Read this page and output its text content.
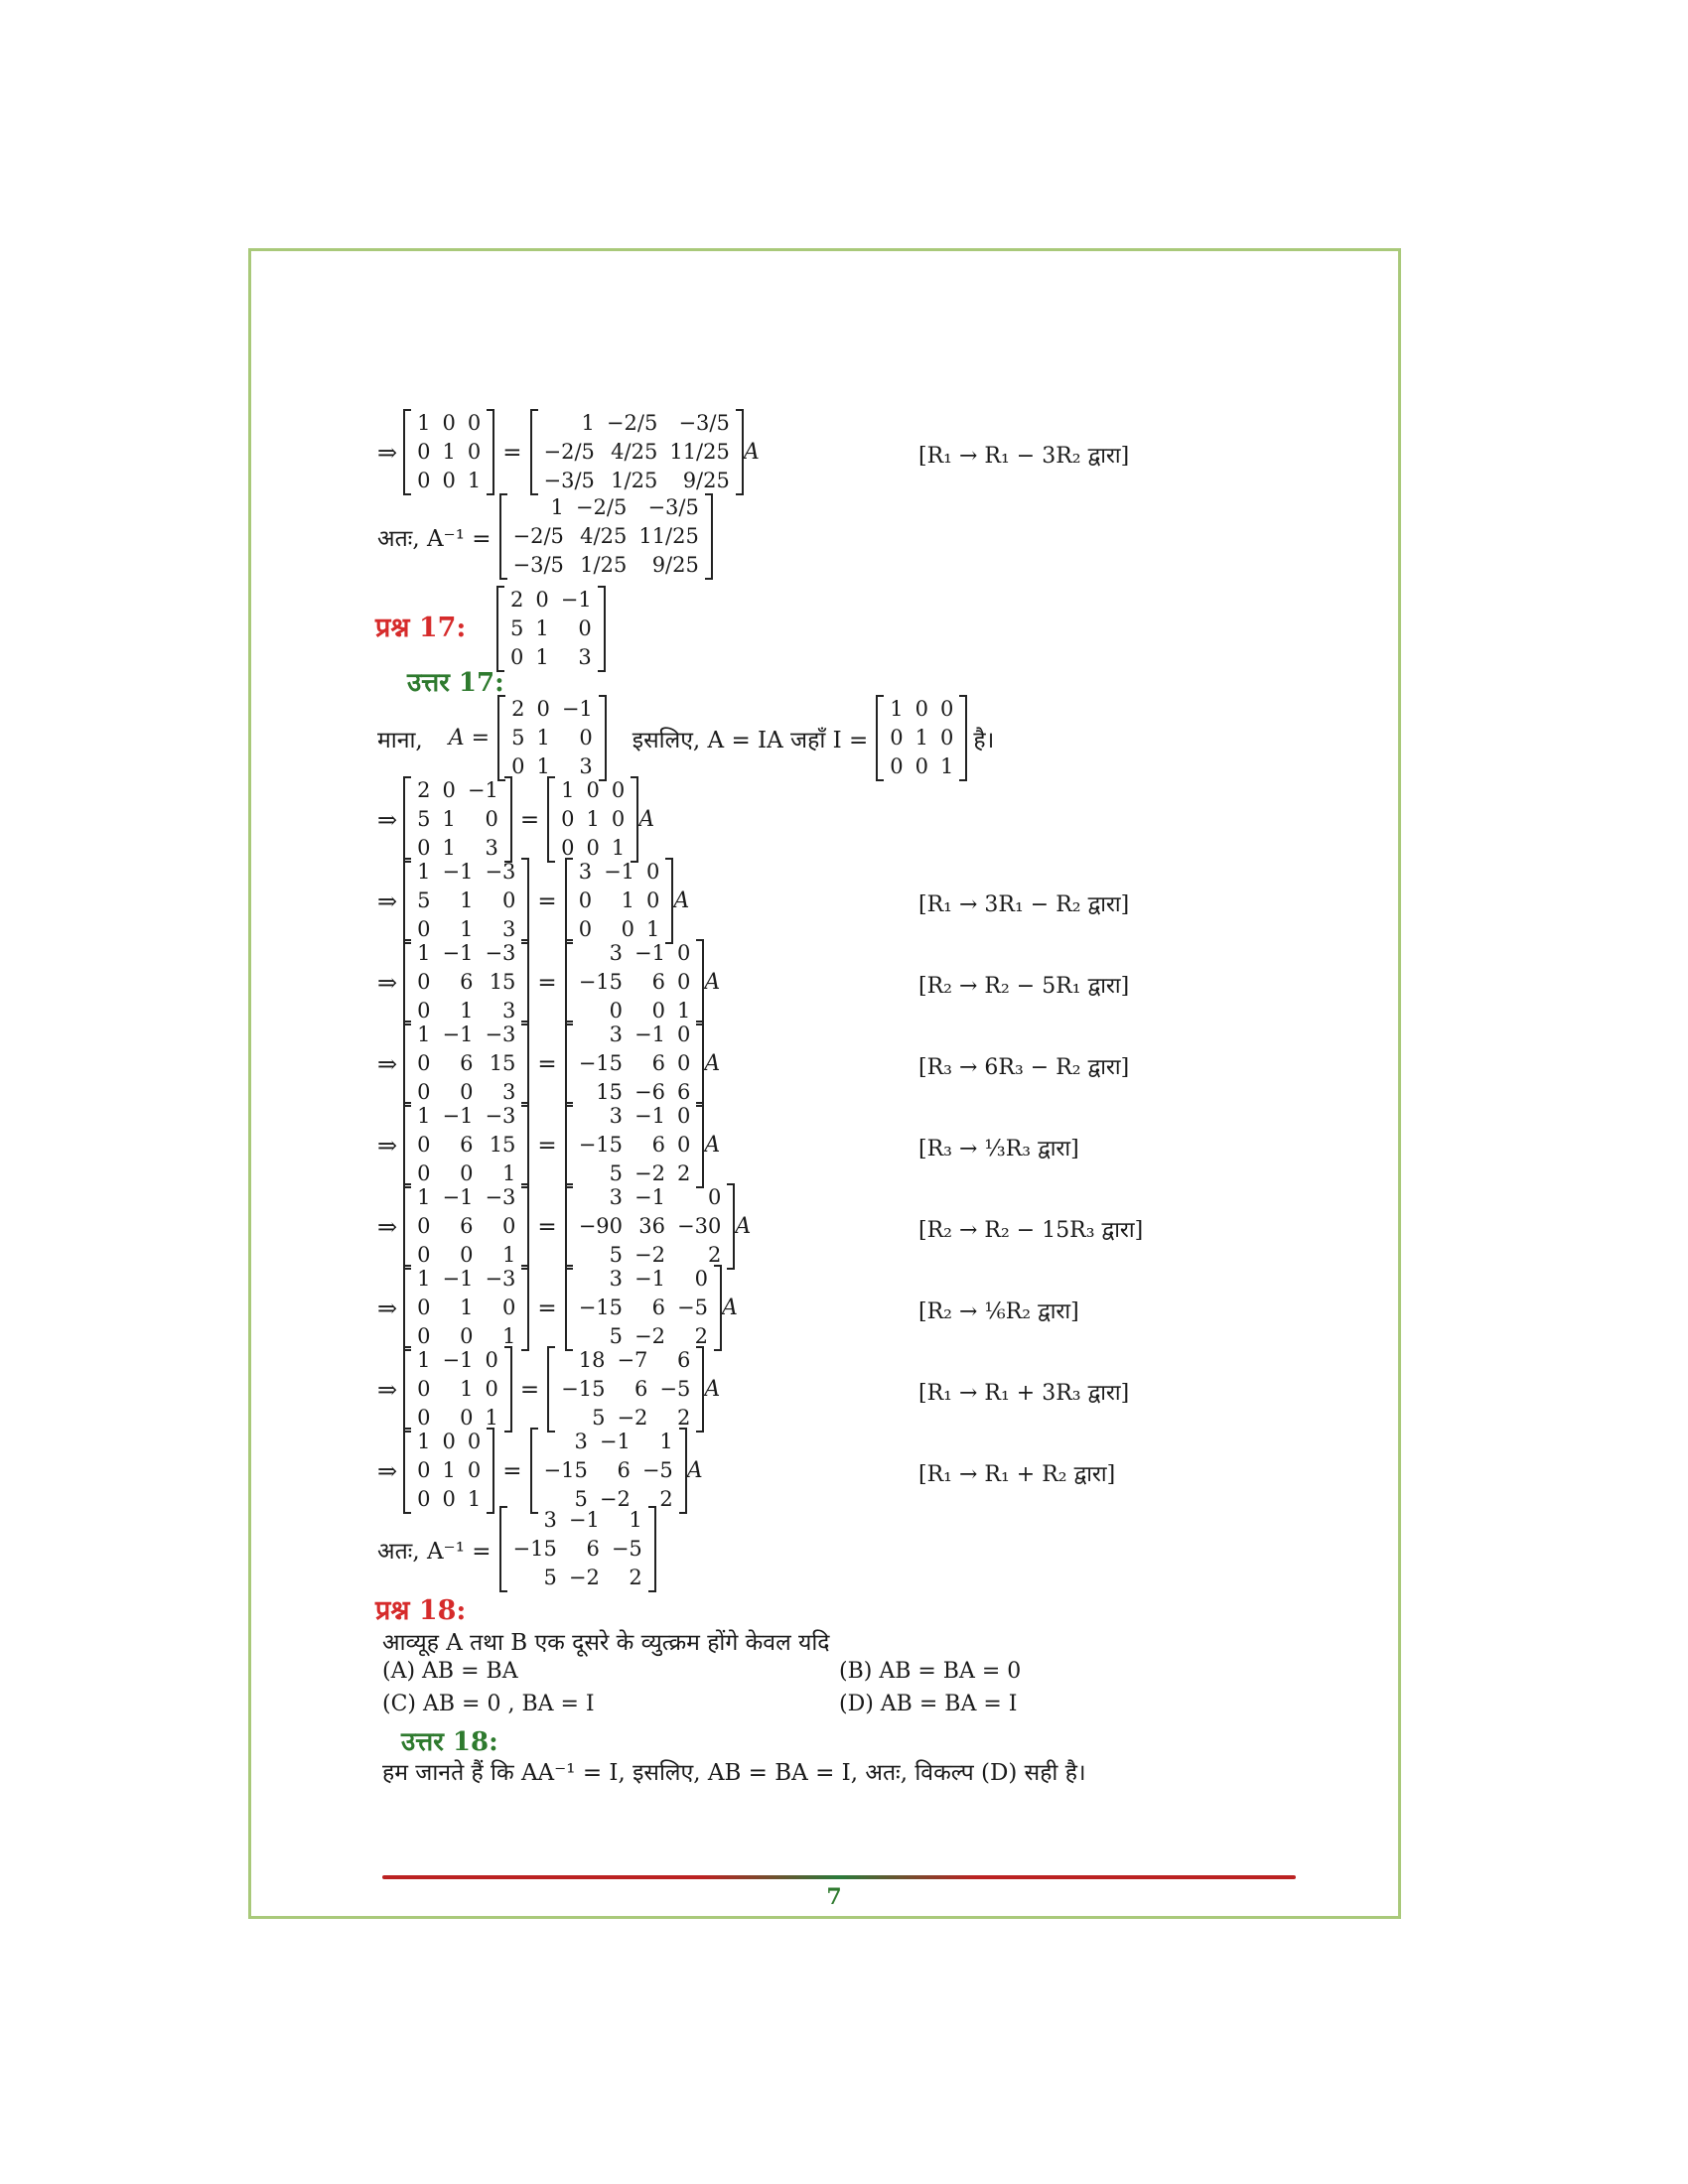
⇒
1 0 0
0 1 0
0 0 1
=
1 −2/5	−3/5
−2/5 4/25 11/25
−3/5 1/25	9/25
A	[R₁ → R₁ − 3R₂ द्वारा]
अतः, A⁻¹ =
1 −2/5	−3/5
−2/5 4/25 11/25
−3/5 1/25	9/25
प्रश्न 17:
2 0 −1
5 1	0
0 1	3
उत्तर 17:
माना, A =
2 0 −1
5 1	0
0 1	3
इसलिए, A = IA जहाँ I =
1 0 0
0 1 0
0 0 1
है।
⇒
2 0 −1
5 1	0
0 1	3
=
1 0 0
0 1 0
0 0 1
A
⇒
1 −1 −3
5	1	0
0	1	3
=
3 −1 0
0	1 0
0	0 1
A	[R₁ → 3R₁ − R₂ द्वारा]
⇒
1 −1 −3
0	6 15
0	1	3
=
3 −1 0
−15	6 0
0	0 1
A	[R₂ → R₂ − 5R₁ द्वारा]
⇒
1 −1 −3
0	6 15
0	0	3
=
3 −1 0
−15	6 0
15 −6 6
A	[R₃ → 6R₃ − R₂ द्वारा]
⇒
1 −1 −3
0	6 15
0	0	1
=
3 −1 0
−15	6 0
5 −2 2
A	[R₃ → ⅓R₃ द्वारा]
⇒
1 −1 −3
0	6	0
0	0	1
=
3 −1	0
−90 36 −30
5 −2	2
A	[R₂ → R₂ − 15R₃ द्वारा]
⇒
1 −1 −3
0	1	0
0	0	1
=
3 −1	0
−15	6 −5
5 −2	2
A	[R₂ → ⅙R₂ द्वारा]
⇒
1 −1 0
0	1 0
0	0 1
=
18 −7	6
−15	6 −5
5 −2	2
A	[R₁ → R₁ + 3R₃ द्वारा]
⇒
1 0 0
0 1 0
0 0 1
=
3 −1	1
−15	6 −5
5 −2	2
A	[R₁ → R₁ + R₂ द्वारा]
अतः, A⁻¹ =
3 −1	1
−15	6 −5
5 −2	2
प्रश्न 18:
आव्यूह A तथा B एक दूसरे के व्युत्क्रम होंगे केवल यदि
(A) AB = BA	(B) AB = BA = 0
(C) AB = 0 , BA = I	(D) AB = BA = I
उत्तर 18:
हम जानते हैं कि AA⁻¹ = I, इसलिए, AB = BA = I, अतः, विकल्प (D) सही है।
7
